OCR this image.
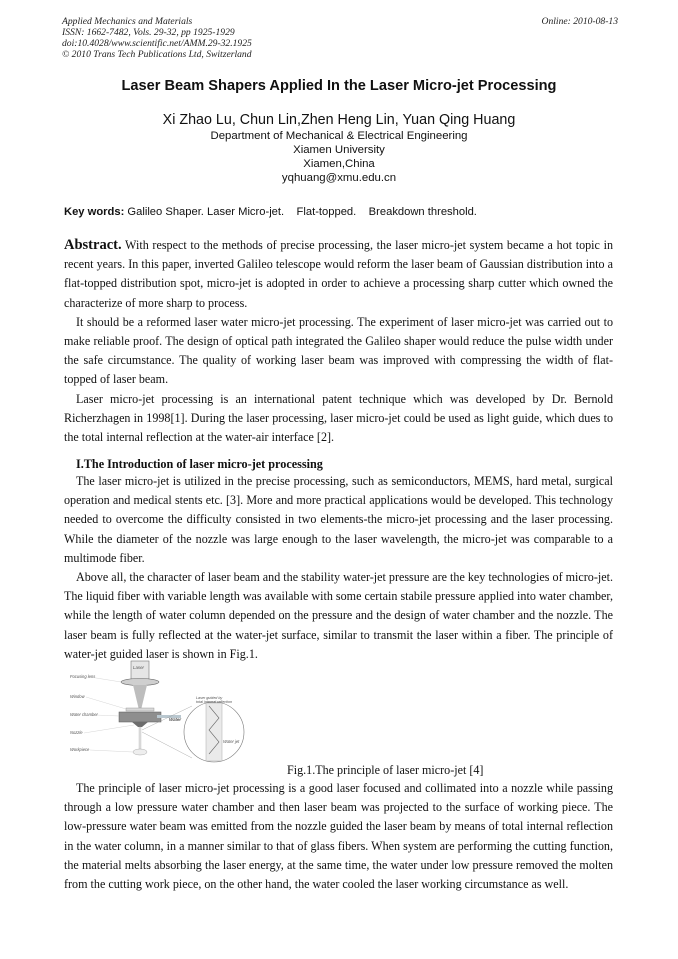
Applied Mechanics and Materials
ISSN: 1662-7482, Vols. 29-32, pp 1925-1929
doi:10.4028/www.scientific.net/AMM.29-32.1925
© 2010 Trans Tech Publications Ltd, Switzerland
Online: 2010-08-13
Laser Beam Shapers Applied In the Laser Micro-jet Processing
Xi Zhao Lu, Chun Lin,Zhen Heng Lin, Yuan Qing Huang
Department of Mechanical & Electrical Engineering
Xiamen University
Xiamen,China
yqhuang@xmu.edu.cn
Key words: Galileo Shaper. Laser Micro-jet.    Flat-topped.    Breakdown threshold.

Abstract. With respect to the methods of precise processing, the laser micro-jet system became a hot topic in recent years. In this paper, inverted Galileo telescope would reform the laser beam of Gaussian distribution into a flat-topped distribution spot, micro-jet is adopted in order to achieve a processing sharp cutter which owned the characterize of more sharp to process.

It should be a reformed laser water micro-jet processing. The experiment of laser micro-jet was carried out to make reliable proof. The design of optical path integrated the Galileo shaper would reduce the pulse width under the safe circumstance. The quality of working laser beam was improved with compressing the width of flat-topped of laser beam.

Laser micro-jet processing is an international patent technique which was developed by Dr. Bernold Richerzhagen in 1998[1]. During the laser processing, laser micro-jet could be used as light guide, which dues to the total internal reflection at the water-air interface [2].

I.The Introduction of laser micro-jet processing

The laser micro-jet is utilized in the precise processing, such as semiconductors, MEMS, hard metal, surgical operation and medical stents etc. [3]. More and more practical applications would be developed. This technology needed to overcome the difficulty consisted in two elements-the micro-jet processing and the laser processing. While the diameter of the nozzle was large enough to the laser wavelength, the micro-jet was comparable to a multimode fiber.

Above all, the character of laser beam and the stability water-jet pressure are the key technologies of micro-jet. The liquid fiber with variable length was available with some certain stabile pressure applied into water chamber, while the length of water column depended on the pressure and the design of water chamber and the nozzle. The laser beam is fully reflected at the water-jet surface, similar to transmit the laser within a fiber. The principle of water-jet guided laser is shown in Fig.1.

Laser
Focusing lens
Window
Water chamber
Water
Nozzle
Workpiece
Water jet
Laser guided by
total internal reflection
Fig.1.The principle of laser micro-jet [4]

The principle of laser micro-jet processing is a good laser focused and collimated into a nozzle while passing through a low pressure water chamber and then laser beam was projected to the surface of working piece. The low-pressure water beam was emitted from the nozzle guided the laser beam by means of total internal reflection in the water column, in a manner similar to that of glass fibers. When system are performing the cutting function, the material melts absorbing the laser energy, at the same time, the water under low pressure removed the molten from the cutting work piece, on the other hand, the water cooled the laser working circumstance as well.
